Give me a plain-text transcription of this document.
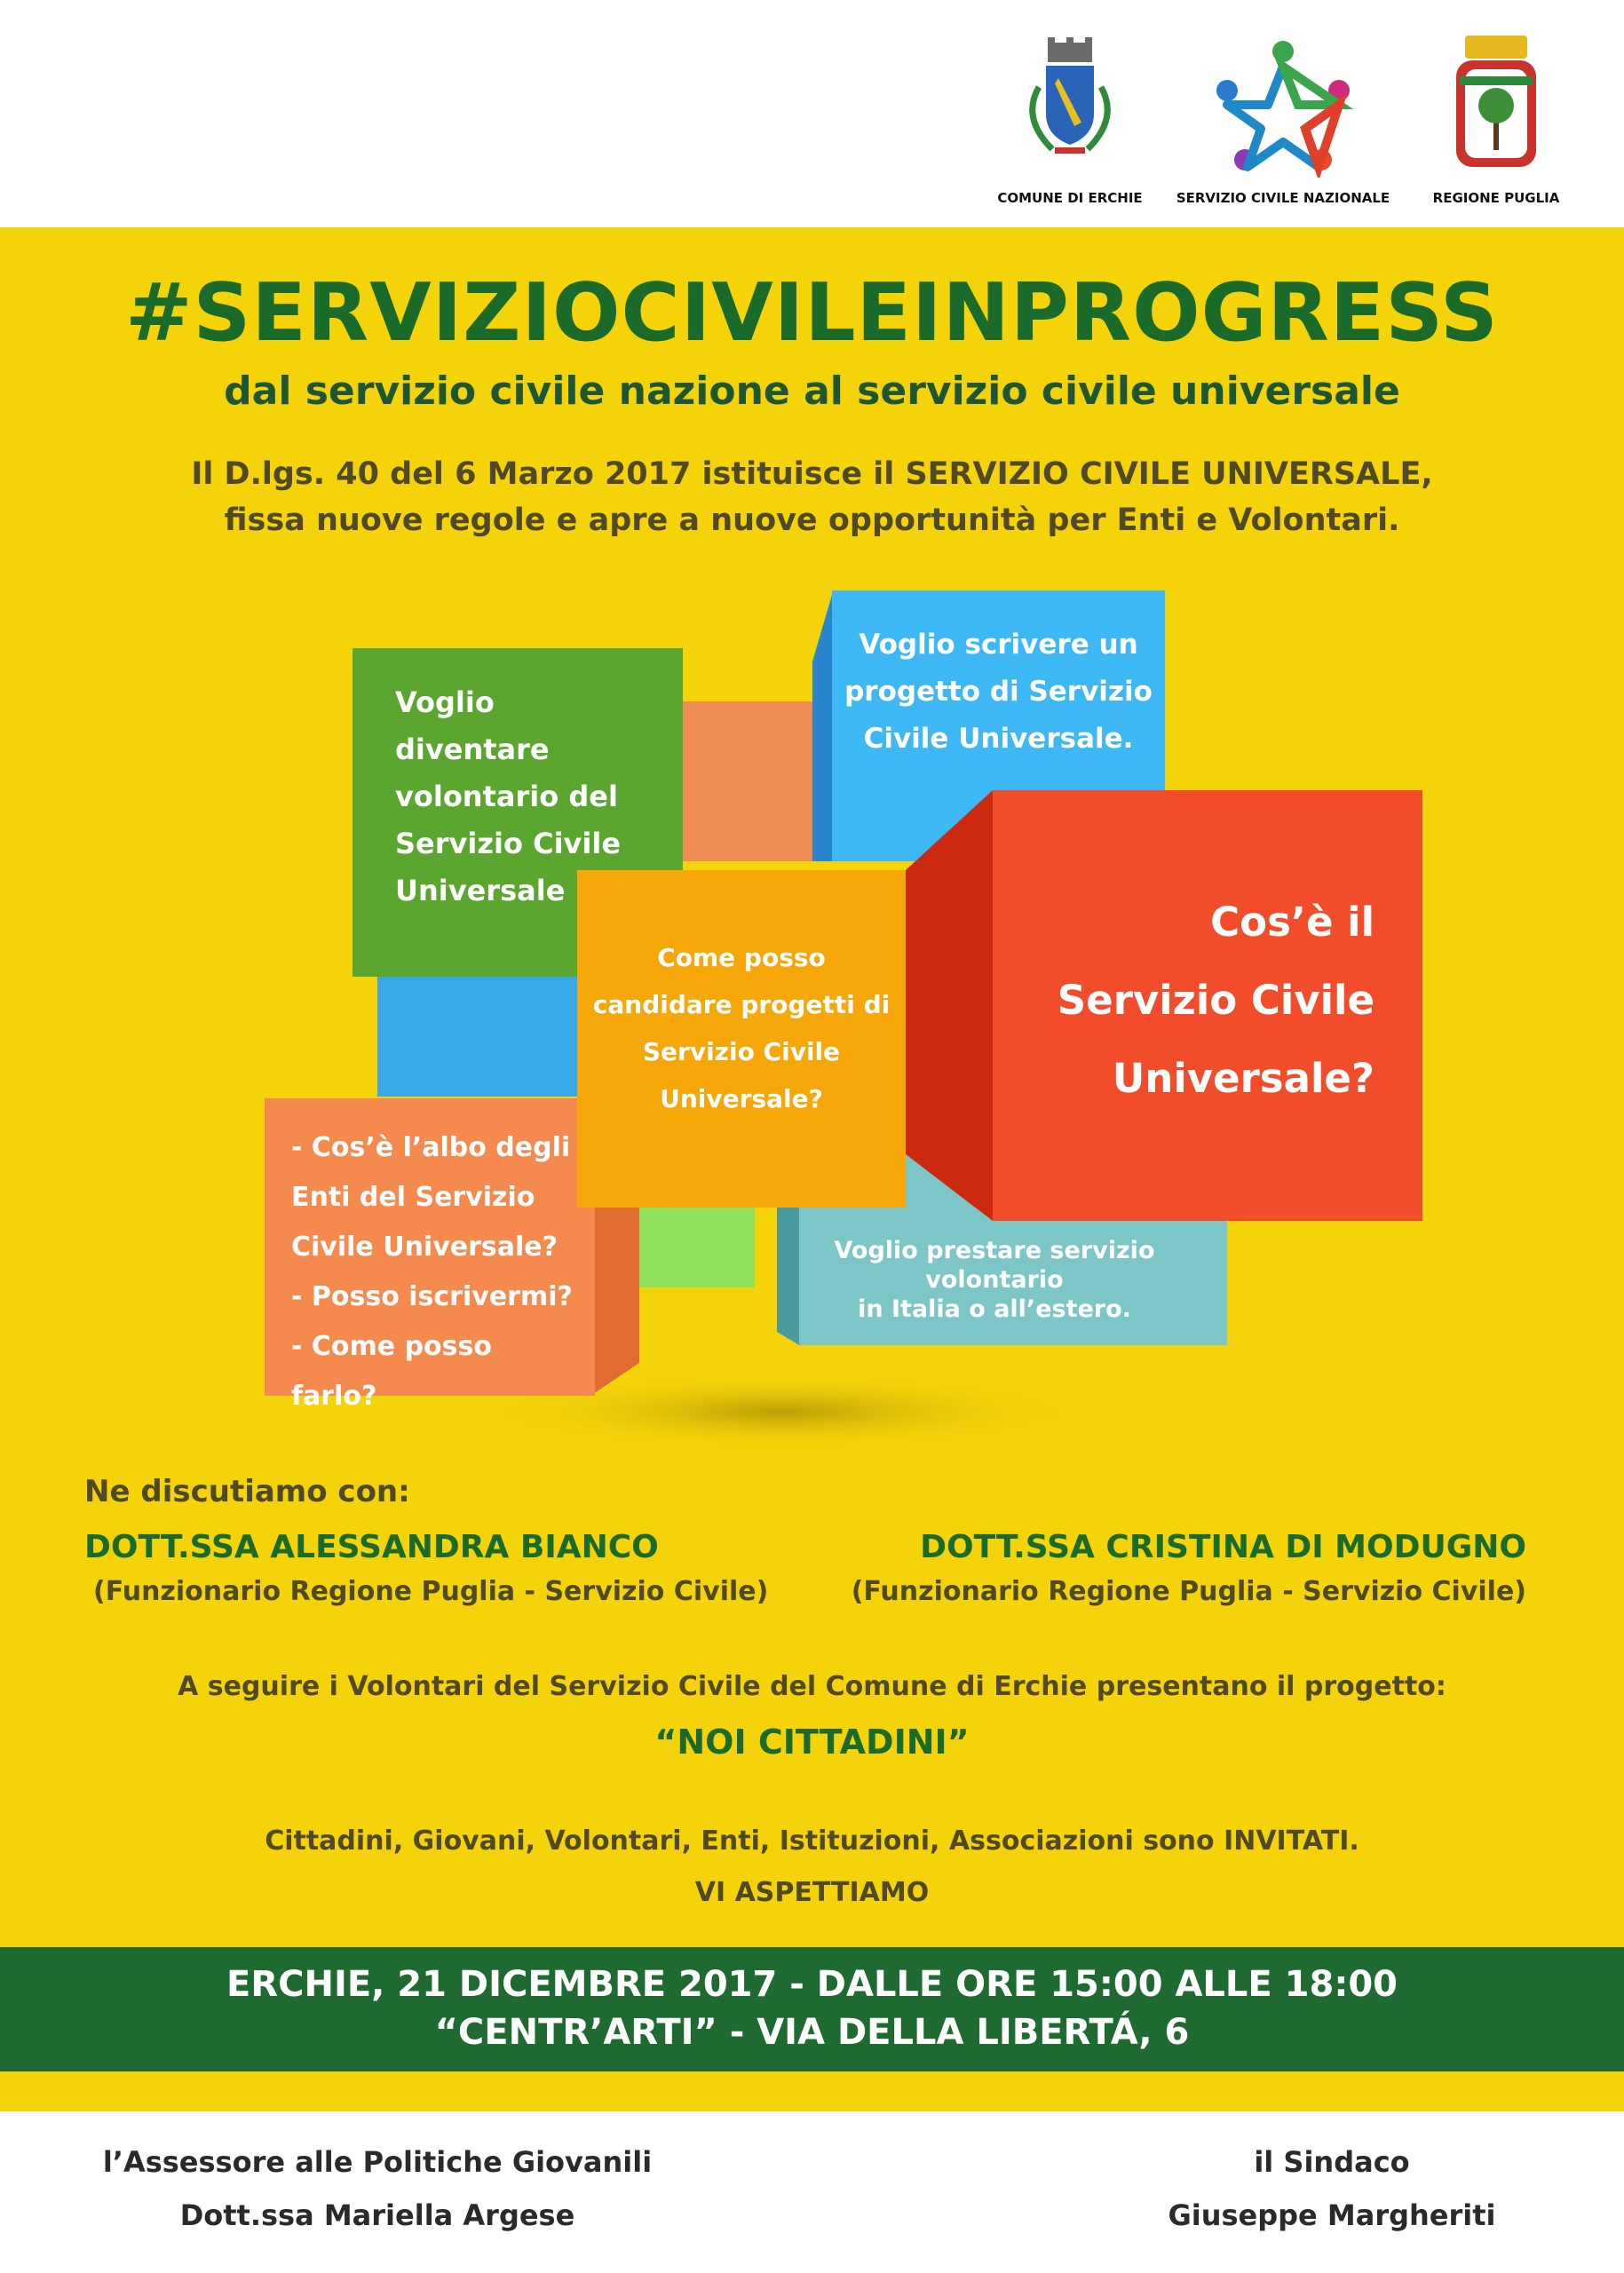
COMUNE DI ERCHIE	SERVIZIO CIVILE NAZIONALE	REGIONE PUGLIA
#SERVIZIOCIVILEINPROGRESS
dal servizio civile nazione al servizio civile universale
Il D.lgs. 40 del 6 Marzo 2017 istituisce il SERVIZIO CIVILE UNIVERSALE,
fissa nuove regole e apre a nuove opportunità per Enti e Volontari.
Voglio
diventare
volontario del
Servizio Civile
Universale
Voglio scrivere un
progetto di Servizio
Civile Universale.
Cos’è il
Servizio Civile
Universale?
Come posso
candidare progetti di
Servizio Civile
Universale?
- Cos’è l’albo degli
Enti del Servizio
Civile Universale?
- Posso iscrivermi?
- Come posso
farlo?
Voglio prestare servizio
volontario
in Italia o all’estero.
Ne discutiamo con:
DOTT.SSA ALESSANDRA BIANCO
(Funzionario Regione Puglia - Servizio Civile)
DOTT.SSA CRISTINA DI MODUGNO
(Funzionario Regione Puglia - Servizio Civile)
A seguire i Volontari del Servizio Civile del Comune di Erchie presentano il progetto:
“NOI CITTADINI”
Cittadini, Giovani, Volontari, Enti, Istituzioni, Associazioni sono INVITATI.
VI ASPETTIAMO
ERCHIE, 21 DICEMBRE 2017 - DALLE ORE 15:00 ALLE 18:00
“CENTR’ARTI” - VIA DELLA LIBERTÁ, 6
l’Assessore alle Politiche Giovanili
Dott.ssa Mariella Argese
il Sindaco
Giuseppe Margheriti
